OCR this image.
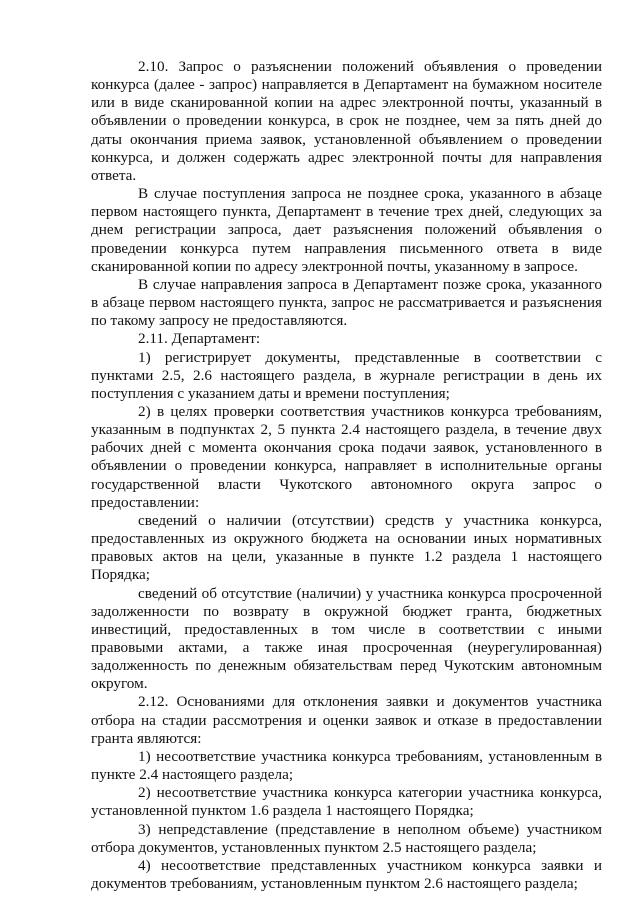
2.10. Запрос о разъяснении положений объявления о проведении конкурса (далее - запрос) направляется в Департамент на бумажном носителе или в виде сканированной копии на адрес электронной почты, указанный в объявлении о проведении конкурса, в срок не позднее, чем за пять дней до даты окончания приема заявок, установленной объявлением о проведении конкурса, и должен содержать адрес электронной почты для направления ответа.

В случае поступления запроса не позднее срока, указанного в абзаце первом настоящего пункта, Департамент в течение трех дней, следующих за днем регистрации запроса, дает разъяснения положений объявления о проведении конкурса путем направления письменного ответа в виде сканированной копии по адресу электронной почты, указанному в запросе.

В случае направления запроса в Департамент позже срока, указанного в абзаце первом настоящего пункта, запрос не рассматривается и разъяснения по такому запросу не предоставляются.

2.11. Департамент:

1) регистрирует документы, представленные в соответствии с пунктами 2.5, 2.6 настоящего раздела, в журнале регистрации в день их поступления с указанием даты и времени поступления;

2) в целях проверки соответствия участников конкурса требованиям, указанным в подпунктах 2, 5 пункта 2.4 настоящего раздела, в течение двух рабочих дней с момента окончания срока подачи заявок, установленного в объявлении о проведении конкурса, направляет в исполнительные органы государственной власти Чукотского автономного округа запрос о предоставлении:

сведений о наличии (отсутствии) средств у участника конкурса, предоставленных из окружного бюджета на основании иных нормативных правовых актов на цели, указанные в пункте 1.2 раздела 1 настоящего Порядка;

сведений об отсутствие (наличии) у участника конкурса просроченной задолженности по возврату в окружной бюджет гранта, бюджетных инвестиций, предоставленных в том числе в соответствии с иными правовыми актами, а также иная просроченная (неурегулированная) задолженность по денежным обязательствам перед Чукотским автономным округом.

2.12. Основаниями для отклонения заявки и документов участника отбора на стадии рассмотрения и оценки заявок и отказе в предоставлении гранта являются:

1) несоответствие участника конкурса требованиям, установленным в пункте 2.4 настоящего раздела;

2) несоответствие участника конкурса категории участника конкурса, установленной пунктом 1.6 раздела 1 настоящего Порядка;

3) непредставление (представление в неполном объеме) участником отбора документов, установленных пунктом 2.5 настоящего раздела;

4) несоответствие представленных участником конкурса заявки и документов требованиям, установленным пунктом 2.6 настоящего раздела;
